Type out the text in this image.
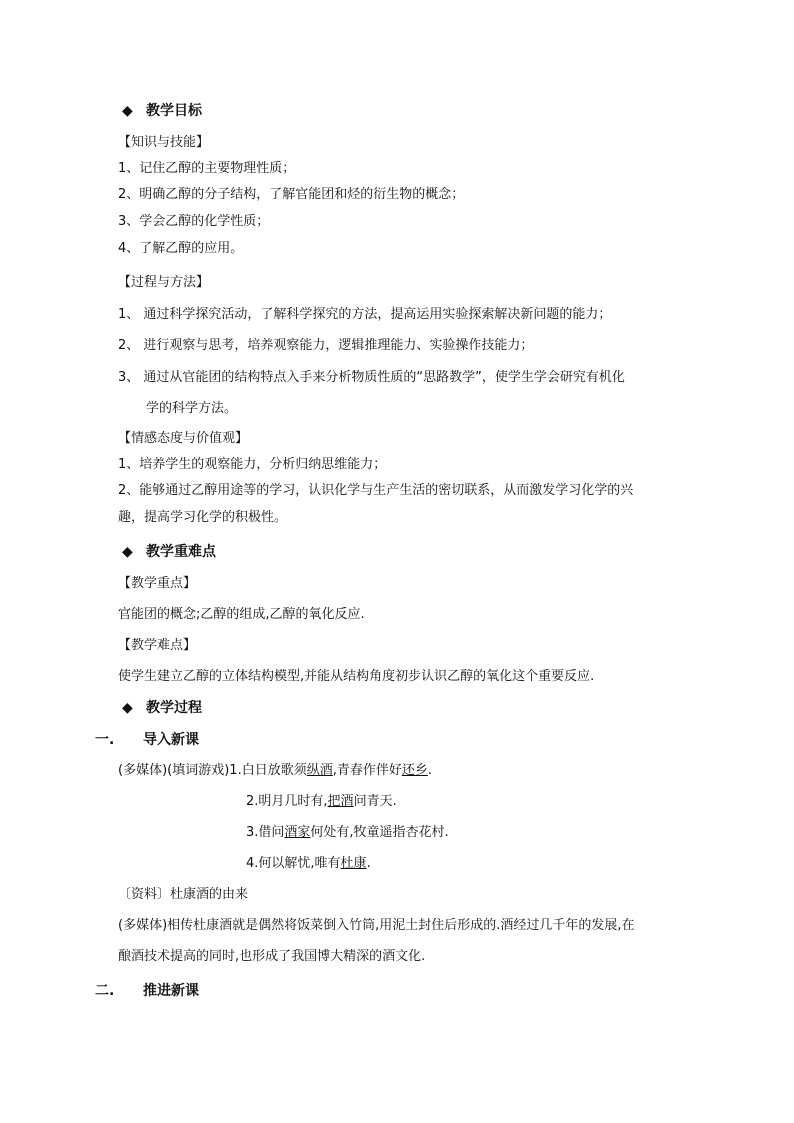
◆ 教学目标
【知识与技能】
1、记住乙醇的主要物理性质；
2、明确乙醇的分子结构，了解官能团和烃的衍生物的概念；
3、学会乙醇的化学性质；
4、了解乙醇的应用。
【过程与方法】
1、 通过科学探究活动，了解科学探究的方法，提高运用实验探索解决新问题的能力；
2、 进行观察与思考，培养观察能力，逻辑推理能力、实验操作技能力；
3、 通过从官能团的结构特点入手来分析物质性质的“思路教学”，使学生学会研究有机化
学的科学方法。
【情感态度与价值观】
1、培养学生的观察能力，分析归纳思维能力；
2、能够通过乙醇用途等的学习，认识化学与生产生活的密切联系，从而激发学习化学的兴
趣，提高学习化学的积极性。
◆ 教学重难点
【教学重点】
官能团的概念;乙醇的组成,乙醇的氧化反应.
【教学难点】
使学生建立乙醇的立体结构模型,并能从结构角度初步认识乙醇的氧化这个重要反应.
◆ 教学过程
一. 导入新课
(多媒体)(填词游戏)1.白日放歌须纵酒,青春作伴好还乡.
2.明月几时有,把酒问青天.
3.借问酒家何处有,牧童遥指杏花村.
4.何以解忧,唯有杜康.
〔资料〕杜康酒的由来
(多媒体)相传杜康酒就是偶然将饭菜倒入竹筒,用泥土封住后形成的.酒经过几千年的发展,在
酿酒技术提高的同时,也形成了我国博大精深的酒文化.
二. 推进新课
